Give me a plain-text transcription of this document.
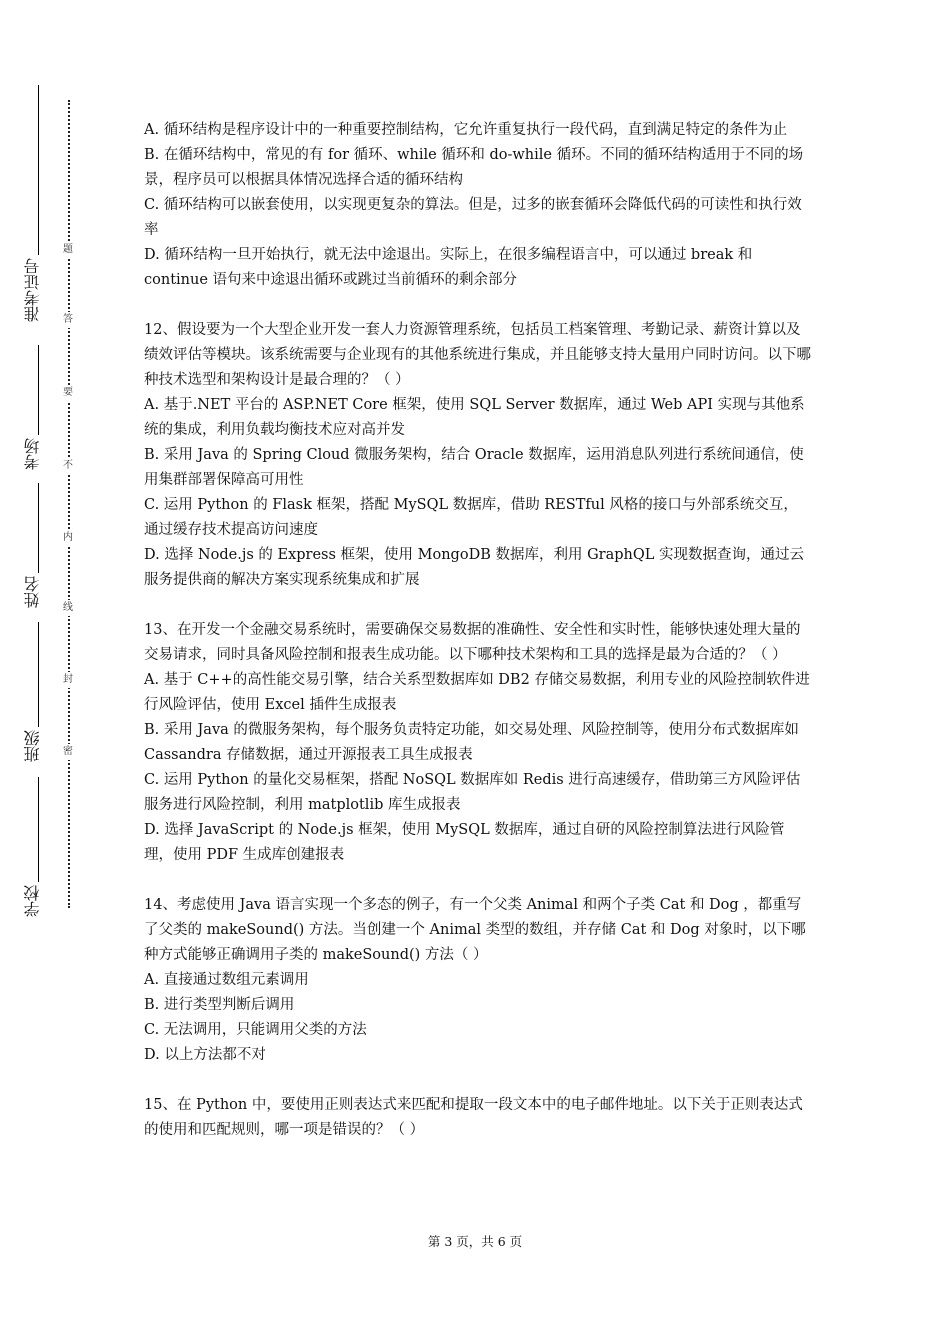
准考证号
考场
姓名
班级
学校
题
答
要
不
内
线
封
密

A. 循环结构是程序设计中的一种重要控制结构，它允许重复执行一段代码，直到满足特定的条件为止

B. 在循环结构中，常见的有 for 循环、while 循环和 do-while 循环。不同的循环结构适用于不同的场景，程序员可以根据具体情况选择合适的循环结构

C. 循环结构可以嵌套使用，以实现更复杂的算法。但是，过多的嵌套循环会降低代码的可读性和执行效率

D. 循环结构一旦开始执行，就无法中途退出。实际上，在很多编程语言中，可以通过 break 和 continue 语句来中途退出循环或跳过当前循环的剩余部分

12、假设要为一个大型企业开发一套人力资源管理系统，包括员工档案管理、考勤记录、薪资计算以及绩效评估等模块。该系统需要与企业现有的其他系统进行集成，并且能够支持大量用户同时访问。以下哪种技术选型和架构设计是最合理的？（ ）

A. 基于.NET 平台的 ASP.NET Core 框架，使用 SQL Server 数据库，通过 Web API 实现与其他系统的集成，利用负载均衡技术应对高并发

B. 采用 Java 的 Spring Cloud 微服务架构，结合 Oracle 数据库，运用消息队列进行系统间通信，使用集群部署保障高可用性

C. 运用 Python 的 Flask 框架，搭配 MySQL 数据库，借助 RESTful 风格的接口与外部系统交互，通过缓存技术提高访问速度

D. 选择 Node.js 的 Express 框架，使用 MongoDB 数据库，利用 GraphQL 实现数据查询，通过云服务提供商的解决方案实现系统集成和扩展

13、在开发一个金融交易系统时，需要确保交易数据的准确性、安全性和实时性，能够快速处理大量的交易请求，同时具备风险控制和报表生成功能。以下哪种技术架构和工具的选择是最为合适的？（ ）

A. 基于 C++的高性能交易引擎，结合关系型数据库如 DB2 存储交易数据，利用专业的风险控制软件进行风险评估，使用 Excel 插件生成报表

B. 采用 Java 的微服务架构，每个服务负责特定功能，如交易处理、风险控制等，使用分布式数据库如 Cassandra 存储数据，通过开源报表工具生成报表

C. 运用 Python 的量化交易框架，搭配 NoSQL 数据库如 Redis 进行高速缓存，借助第三方风险评估服务进行风险控制，利用 matplotlib 库生成报表

D. 选择 JavaScript 的 Node.js 框架，使用 MySQL 数据库，通过自研的风险控制算法进行风险管理，使用 PDF 生成库创建报表

14、考虑使用 Java 语言实现一个多态的例子，有一个父类 Animal 和两个子类 Cat 和 Dog ，都重写了父类的 makeSound() 方法。当创建一个 Animal 类型的数组，并存储 Cat 和 Dog 对象时，以下哪种方式能够正确调用子类的 makeSound() 方法（ ）

A. 直接通过数组元素调用

B. 进行类型判断后调用

C. 无法调用，只能调用父类的方法

D. 以上方法都不对

15、在 Python 中，要使用正则表达式来匹配和提取一段文本中的电子邮件地址。以下关于正则表达式的使用和匹配规则，哪一项是错误的？（ ）

第 3 页，共 6 页
